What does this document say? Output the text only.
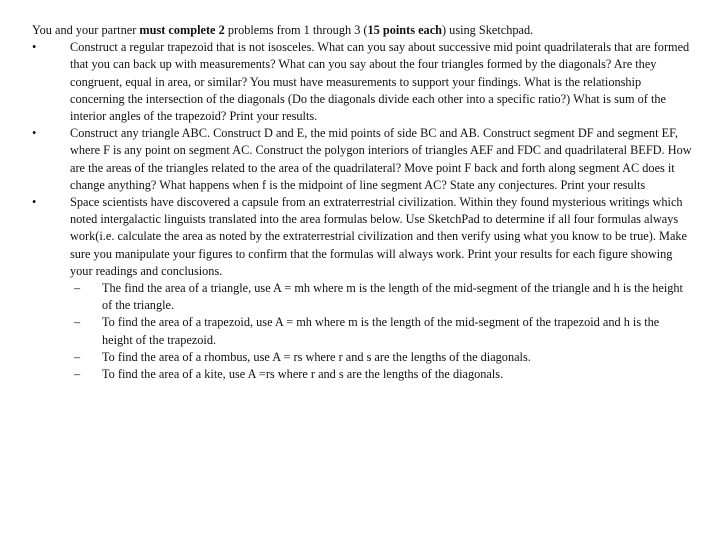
You and your partner must complete 2 problems from 1 through 3 (15 points each) using Sketchpad.

•	Construct a regular trapezoid that is not isosceles. What can you say about successive mid point quadrilaterals that are formed that you can back up with measurements? What can you say about the four triangles formed by the diagonals? Are they congruent, equal in area, or similar? You must have measurements to support your findings. What is the relationship concerning the intersection of the diagonals (Do the diagonals divide each other into a specific ratio?) What is sum of the interior angles of the trapezoid? Print your results.
•	Construct any triangle ABC. Construct D and E, the mid points of side BC and AB. Construct segment DF and segment EF, where F is any point on segment AC. Construct the polygon interiors of triangles AEF and FDC and quadrilateral BEFD. How are the areas of the triangles related to the area of the quadrilateral? Move point F back and forth along segment AC does it change anything? What happens when f is the midpoint of line segment AC? State any conjectures. Print your results
•	Space scientists have discovered a capsule from an extraterrestrial civilization. Within they found mysterious writings which noted intergalactic linguists translated into the area formulas below. Use SketchPad to determine if all four formulas always work(i.e. calculate the area as noted by the extraterrestrial civilization and then verify using what you know to be true). Make sure you manipulate your figures to confirm that the formulas will always work. Print your results for each figure showing your readings and conclusions.
– The find the area of a triangle, use A = mh where m is the length of the mid-segment of the triangle and h is the height of the triangle.
– To find the area of a trapezoid, use A = mh where m is the length of the mid-segment of the trapezoid and h is the height of the trapezoid.
– To find the area of a rhombus, use A = rs where r and s are the lengths of the diagonals.
– To find the area of a kite, use A =rs where r and s are the lengths of the diagonals.
